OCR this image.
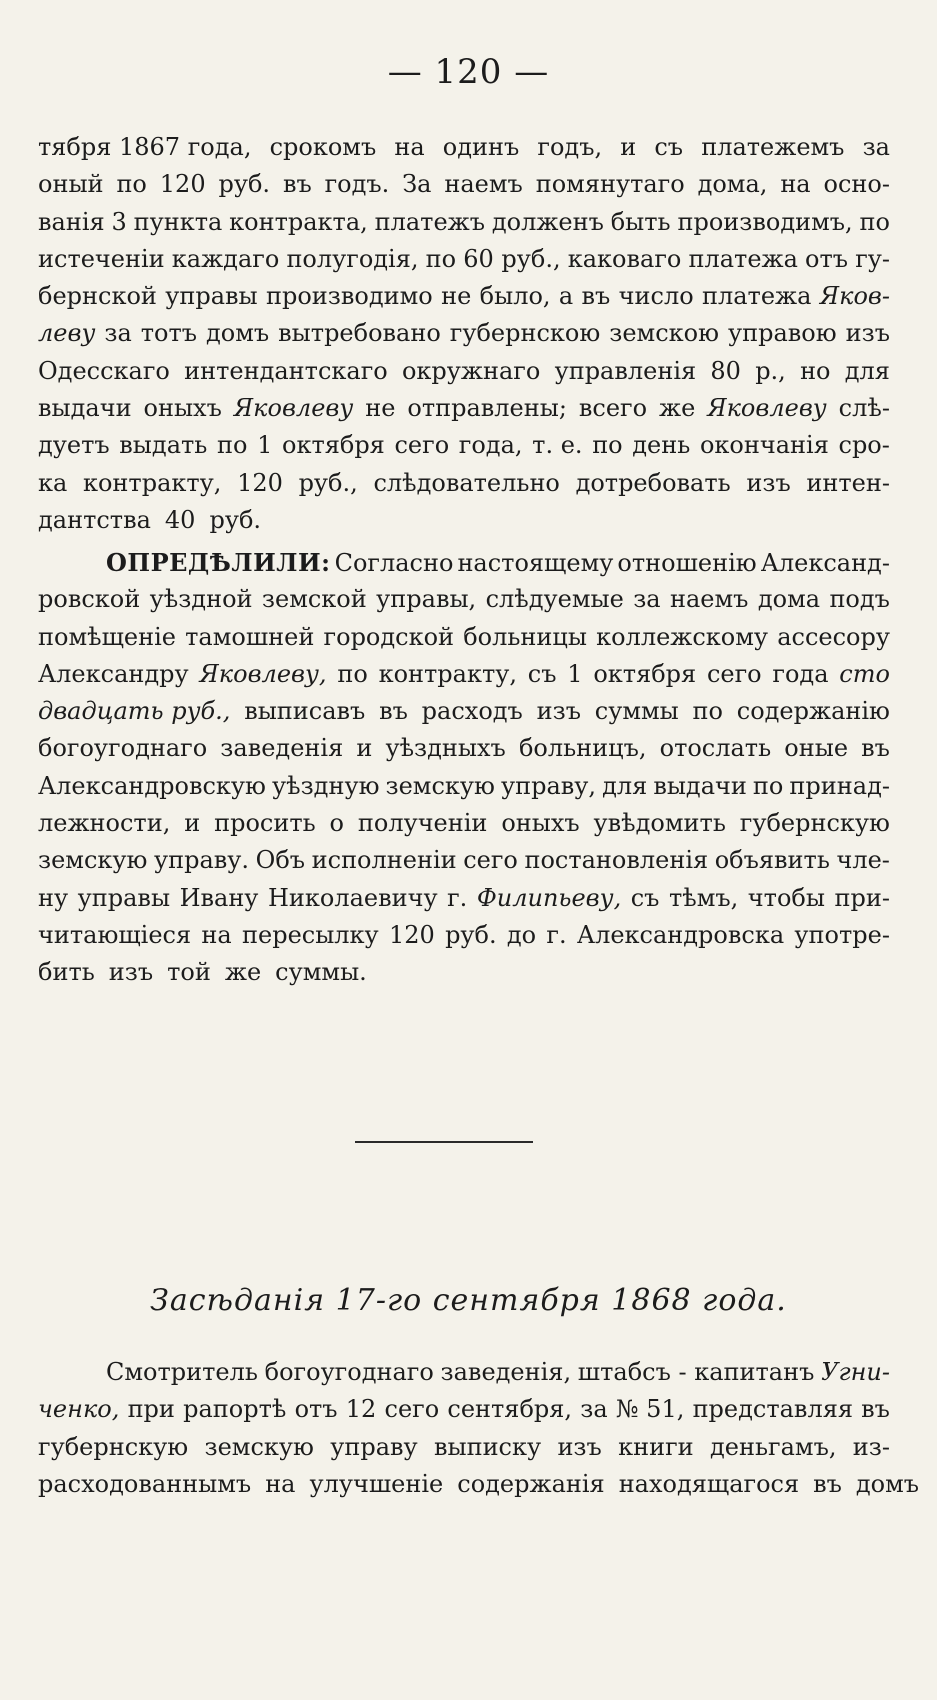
— 120 —
тября 1867 года, срокомъ на одинъ годъ, и съ платежемъ за
оный по 120 руб. въ годъ. За наемъ помянутаго дома, на осно-
ванія 3 пункта контракта, платежъ долженъ быть производимъ, по
истеченіи каждаго полугодія, по 60 руб., каковаго платежа отъ гу-
бернской управы производимо не было, а въ число платежа Яков-
леву за тотъ домъ вытребовано губернскою земскою управою изъ
Одесскаго интендантскаго окружнаго управленія 80 р., но для
выдачи оныхъ Яковлеву не отправлены; всего же Яковлеву слѣ-
дуетъ выдать по 1 октября сего года, т. е. по день окончанія сро-
ка контракту, 120 руб., слѣдовательно дотребовать изъ интен-
дантства 40 руб.
ОПРЕДѢЛИЛИ: Согласно настоящему отношенію Александ-
ровской уѣздной земской управы, слѣдуемые за наемъ дома подъ
помѣщеніе тамошней городской больницы коллежскому ассесору
Александру Яковлеву, по контракту, съ 1 октября сего года сто
двадцать руб., выписавъ въ расходъ изъ суммы по содержанію
богоугоднаго заведенія и уѣздныхъ больницъ, отослать оные въ
Александровскую уѣздную земскую управу, для выдачи по принад-
лежности, и просить о полученіи оныхъ увѣдомить губернскую
земскую управу. Объ исполненіи сего постановленія объявить чле-
ну управы Ивану Николаевичу г. Филипьеву, съ тѣмъ, чтобы при-
читающіеся на пересылку 120 руб. до г. Александровска употре-
бить изъ той же суммы.
Засѣданія 17-го сентября 1868 года.
Смотритель богоугоднаго заведенія, штабсъ - капитанъ Угни-
ченко, при рапортѣ отъ 12 сего сентября, за № 51, представляя въ
губернскую земскую управу выписку изъ книги деньгамъ, из-
расходованнымъ на улучшеніе содержанія находящагося въ домъ
